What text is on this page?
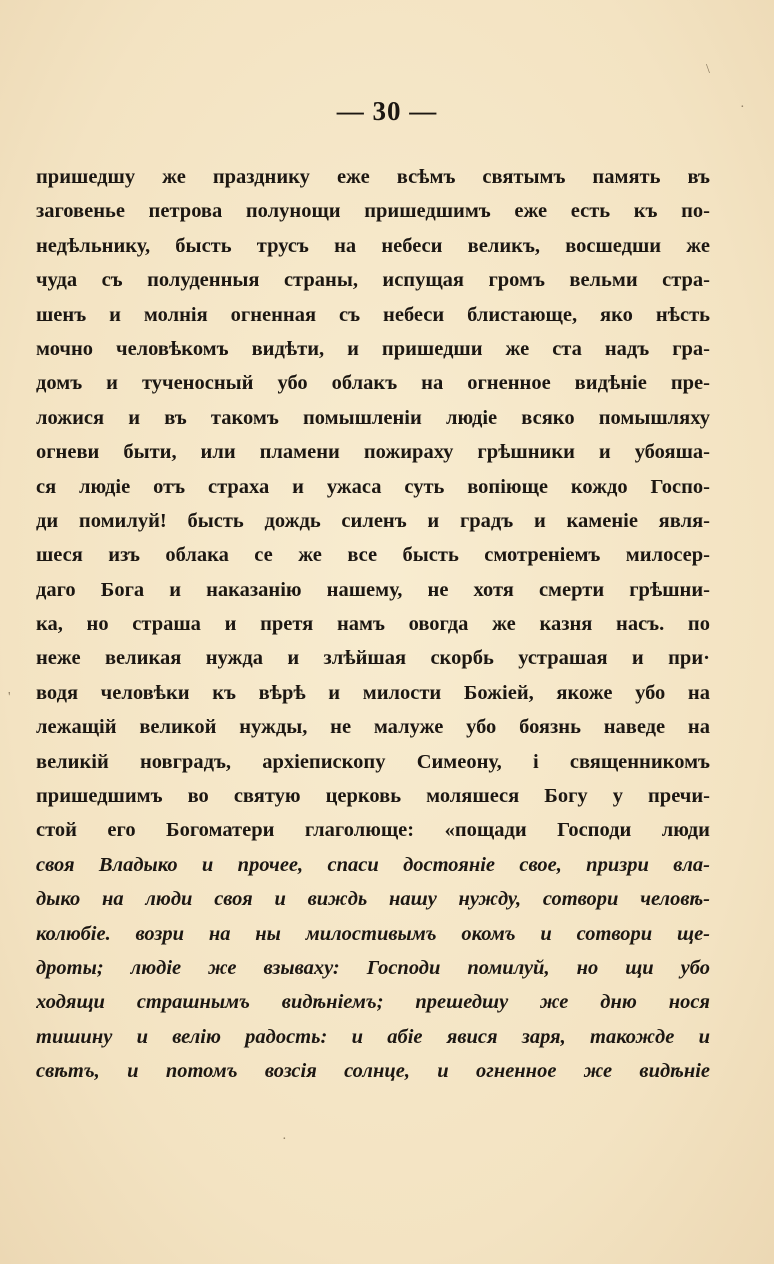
— 30 —
пришедшу же празднику еже всѣмъ святымъ память въ
заговенье петрова полунощи пришедшимъ еже есть къ по-
недѣльнику, бысть трусъ на небеси великъ, восшедши же
чуда съ полуденныя страны, испущая громъ вельми стра-
шенъ и молнія огненная съ небеси блистающе, яко нѣсть
мочно человѣкомъ видѣти, и пришедши же ста надъ гра-
домъ и тученосный убо облакъ на огненное видѣніе пре-
ложися и въ такомъ помышленіи людіе всяко помышляху
огневи быти, или пламени пожираху грѣшники и убояша-
ся людіе отъ страха и ужаса суть вопіюще кождо Госпо-
ди помилуй! бысть дождь силенъ и градъ и каменіе явля-
шеся изъ облака се же все бысть смотреніемъ милосер-
даго Бога и наказанію нашему, не хотя смерти грѣшни-
ка, но страша и претя намъ овогда же казня насъ. по
неже великая нужда и злѣйшая скорбь устрашая и при·
водя человѣки къ вѣрѣ и милости Божіей, якоже убо на
лежащій великой нужды, не малуже убо боязнь наведе на
великій новградъ, архіепископу Симеону, і священникомъ
пришедшимъ во святую церковь моляшеся Богу у пречи-
стой его Богоматери глаголюще: «пощади Господи люди
своя Владыко и прочее, спаси достояніе свое, призри вла-
дыко на люди своя и виждь нашу нужду, сотвори человѣ-
колюбіе. возри на ны милостивымъ окомъ и сотвори ще-
дроты; людіе же взываху: Господи помилуй, но щи убо
ходящи страшнымъ видѣніемъ; прешедшу же дню нося
тишину и велію радость: и абіе явися заря, такожде и
свѣтъ, и потомъ возсія солнце, и огненное же видѣніе
\
·
'
·
